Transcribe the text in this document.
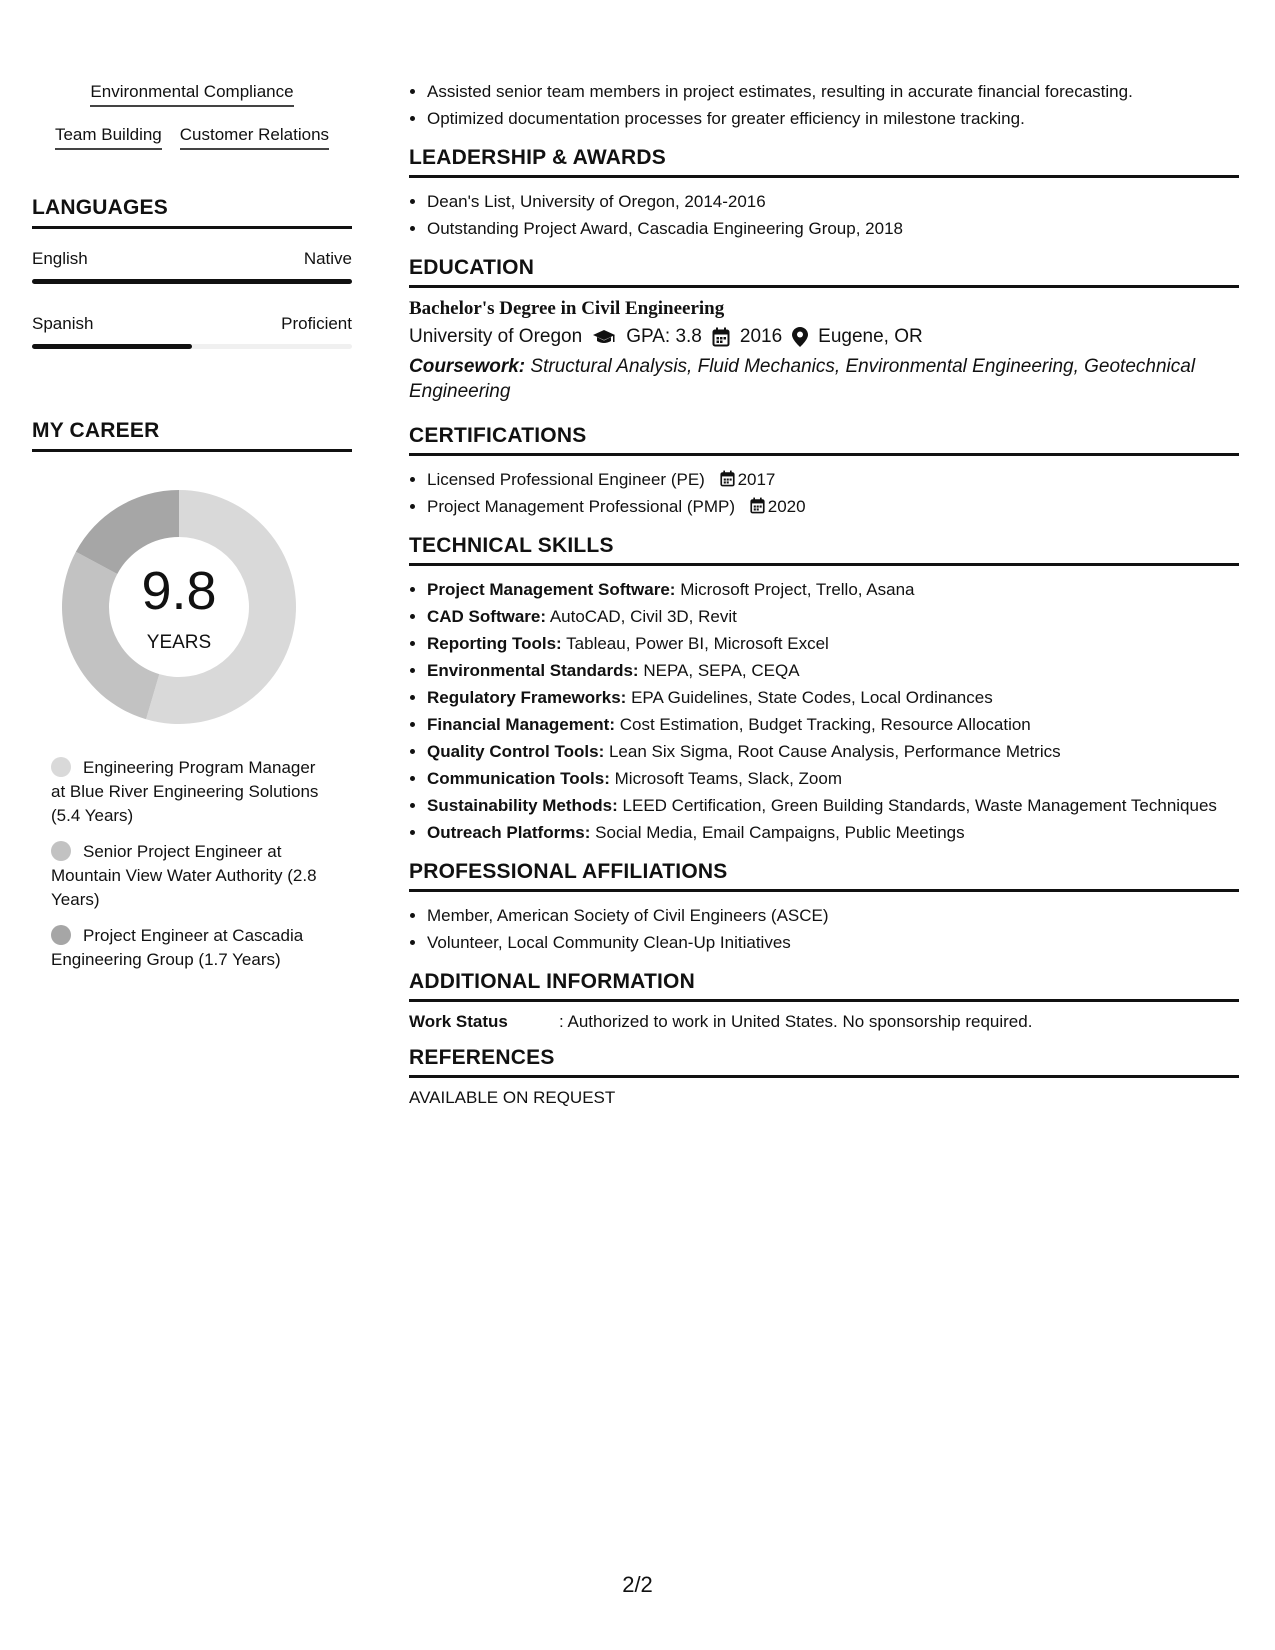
Environmental Compliance
Team Building Customer Relations
LANGUAGES
English	Native
Spanish	Proficient
MY CAREER
9.8
YEARS
Engineering Program Manager at Blue River Engineering Solutions (5.4 Years)
Senior Project Engineer at Mountain View Water Authority (2.8 Years)
Project Engineer at Cascadia Engineering Group (1.7 Years)
• Assisted senior team members in project estimates, resulting in accurate financial forecasting.
• Optimized documentation processes for greater efficiency in milestone tracking.
LEADERSHIP & AWARDS
• Dean's List, University of Oregon, 2014-2016
• Outstanding Project Award, Cascadia Engineering Group, 2018
EDUCATION
Bachelor's Degree in Civil Engineering
University of Oregon GPA: 3.8 2016 Eugene, OR
Coursework: Structural Analysis, Fluid Mechanics, Environmental Engineering, Geotechnical Engineering
CERTIFICATIONS
• Licensed Professional Engineer (PE) 2017
• Project Management Professional (PMP) 2020
TECHNICAL SKILLS
• Project Management Software: Microsoft Project, Trello, Asana
• CAD Software: AutoCAD, Civil 3D, Revit
• Reporting Tools: Tableau, Power BI, Microsoft Excel
• Environmental Standards: NEPA, SEPA, CEQA
• Regulatory Frameworks: EPA Guidelines, State Codes, Local Ordinances
• Financial Management: Cost Estimation, Budget Tracking, Resource Allocation
• Quality Control Tools: Lean Six Sigma, Root Cause Analysis, Performance Metrics
• Communication Tools: Microsoft Teams, Slack, Zoom
• Sustainability Methods: LEED Certification, Green Building Standards, Waste Management Techniques
• Outreach Platforms: Social Media, Email Campaigns, Public Meetings
PROFESSIONAL AFFILIATIONS
• Member, American Society of Civil Engineers (ASCE)
• Volunteer, Local Community Clean-Up Initiatives
ADDITIONAL INFORMATION
Work Status	: Authorized to work in United States. No sponsorship required.
REFERENCES
AVAILABLE ON REQUEST
2/2
